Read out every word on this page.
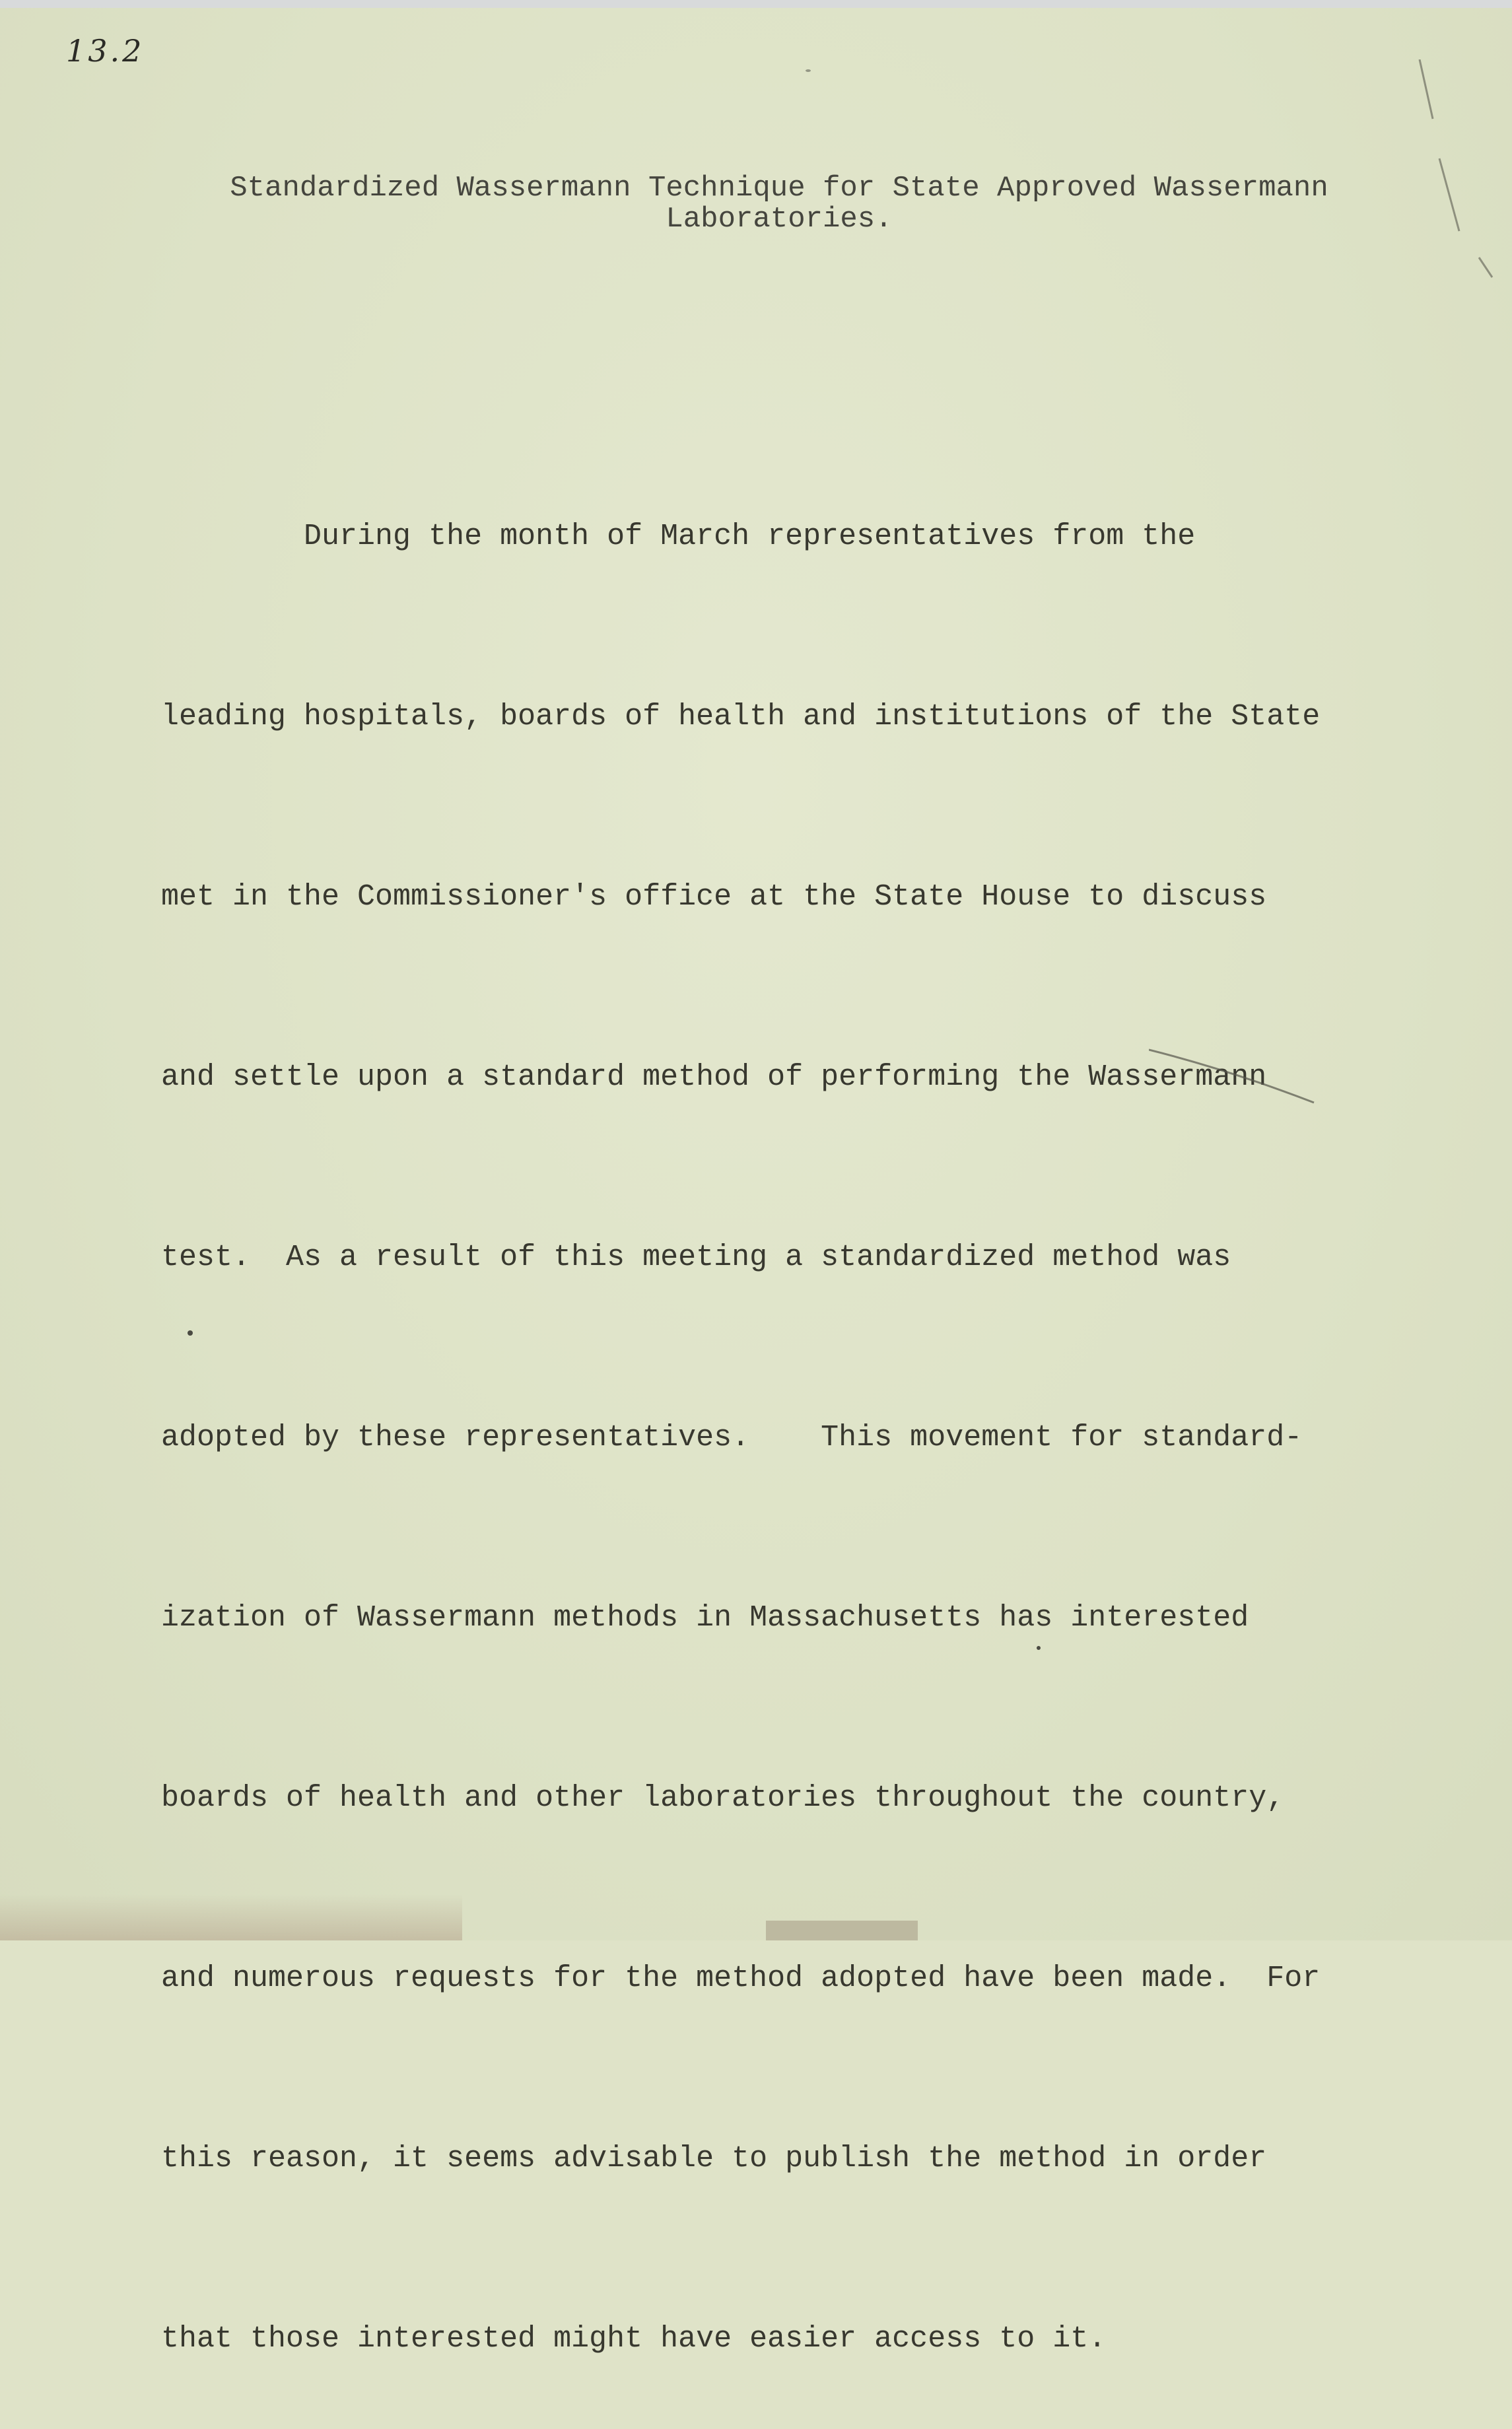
13.2
Standardized Wassermann Technique for State Approved Wassermann
Laboratories.

During the month of March representatives from the

leading hospitals, boards of health and institutions of the State

met in the Commissioner's office at the State House to discuss

and settle upon a standard method of performing the Wassermann

test.  As a result of this meeting a standardized method was

adopted by these representatives.    This movement for standard-

ization of Wassermann methods in Massachusetts has interested

boards of health and other laboratories throughout the country,

and numerous requests for the method adopted have been made.  For

this reason, it seems advisable to publish the method in order

that those interested might have easier access to it.
